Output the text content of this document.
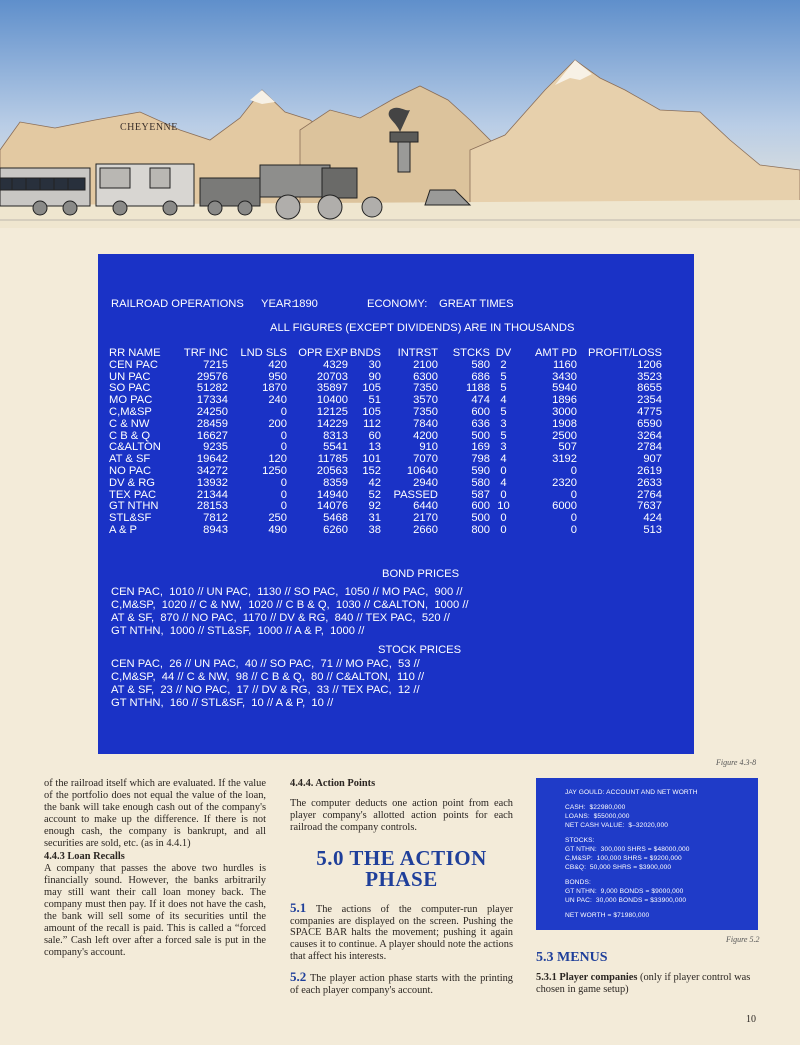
CHEYENNE

RAILROAD OPERATIONS

YEAR:

1890

	ECONOMY:

GREAT TIMES

ALL FIGURES (EXCEPT DIVIDENDS) ARE IN THOUSANDS
RR NAME	TRF INC	LND SLS	OPR EXP	BNDS	INTRST	STCKS	DV	AMT PD	PROFIT/LOSS
CEN PAC	7215	420	4329	30	2100	580	2	1160	1206
UN PAC	29576	950	20703	90	6300	686	5	3430	3523
SO PAC	51282	1870	35897	105	7350	1188	5	5940	8655
MO PAC	17334	240	10400	51	3570	474	4	1896	2354
C,M&SP	24250	0	12125	105	7350	600	5	3000	4775
C & NW	28459	200	14229	112	7840	636	3	1908	6590
C B & Q	16627	0	8313	60	4200	500	5	2500	3264
C&ALTON	9235	0	5541	13	910	169	3	507	2784
AT & SF	19642	120	11785	101	7070	798	4	3192	907
NO PAC	34272	1250	20563	152	10640	590	0	0	2619
DV & RG	13932	0	8359	42	2940	580	4	2320	2633
TEX PAC	21344	0	14940	52	PASSED	587	0	0	2764
GT NTHN	28153	0	14076	92	6440	600	10	6000	7637
STL&SF	7812	250	5468	31	2170	500	0	0	424
A & P	8943	490	6260	38	2660	800	0	0	513
BOND PRICES
CEN PAC,  1010 // UN PAC,  1130 // SO PAC,  1050 // MO PAC,  900 //
C,M&SP,  1020 // C & NW,  1020 // C B & Q,  1030 // C&ALTON,  1000 //
AT & SF,  870 // NO PAC,  1170 // DV & RG,  840 // TEX PAC,  520 //
GT NTHN,  1000 // STL&SF,  1000 // A & P,  1000 //
STOCK PRICES
CEN PAC,  26 // UN PAC,  40 // SO PAC,  71 // MO PAC,  53 //
C,M&SP,  44 // C & NW,  98 // C B & Q,  80 // C&ALTON,  110 //
AT & SF,  23 // NO PAC,  17 // DV & RG,  33 // TEX PAC,  12 //
GT NTHN,  160 // STL&SF,  10 // A & P,  10 //
Figure 4.3-8

of the railroad itself which are evaluated. If the value of the portfolio does not equal the value of the loan, the bank will take enough cash out of the company's account to make up the difference. If there is not enough cash, the company is bankrupt, and all securities are sold, etc. (as in 4.4.1)

4.4.3 Loan Recalls

A company that passes the above two hurdles is financially sound. However, the banks arbitrarily may still want their call loan money back. The company must then pay. If it does not have the cash, the bank will sell some of its securities until the amount of the recall is paid. This is called a “forced sale.” Cash left over after a forced sale is put in the company's account.

4.4.4. Action Points

The computer deducts one action point from each player company's allotted action points for each railroad the company controls.

5.0 THE ACTION PHASE

5.1 The actions of the computer-run player companies are displayed on the screen. Pushing the SPACE BAR halts the movement; pushing it again causes it to continue. A player should note the actions that affect his interests.

5.2 The player action phase starts with the printing of each player company's account.

JAY GOULD: ACCOUNT AND NET WORTH
CASH:  $22980,000
LOANS:  $55000,000
NET CASH VALUE:  $–32020,000
STOCKS:
GT NTHN:  300,000 SHRS = $48000,000
C,M&SP:  100,000 SHRS = $9200,000
CB&Q:  50,000 SHRS = $3900,000
BONDS:
GT NTHN:  9,000 BONDS = $9000,000
UN PAC:  30,000 BONDS = $33900,000
NET WORTH = $71980,000
Figure 5.2
5.3 MENUS
5.3.1 Player companies (only if player control was chosen in game setup)
10
